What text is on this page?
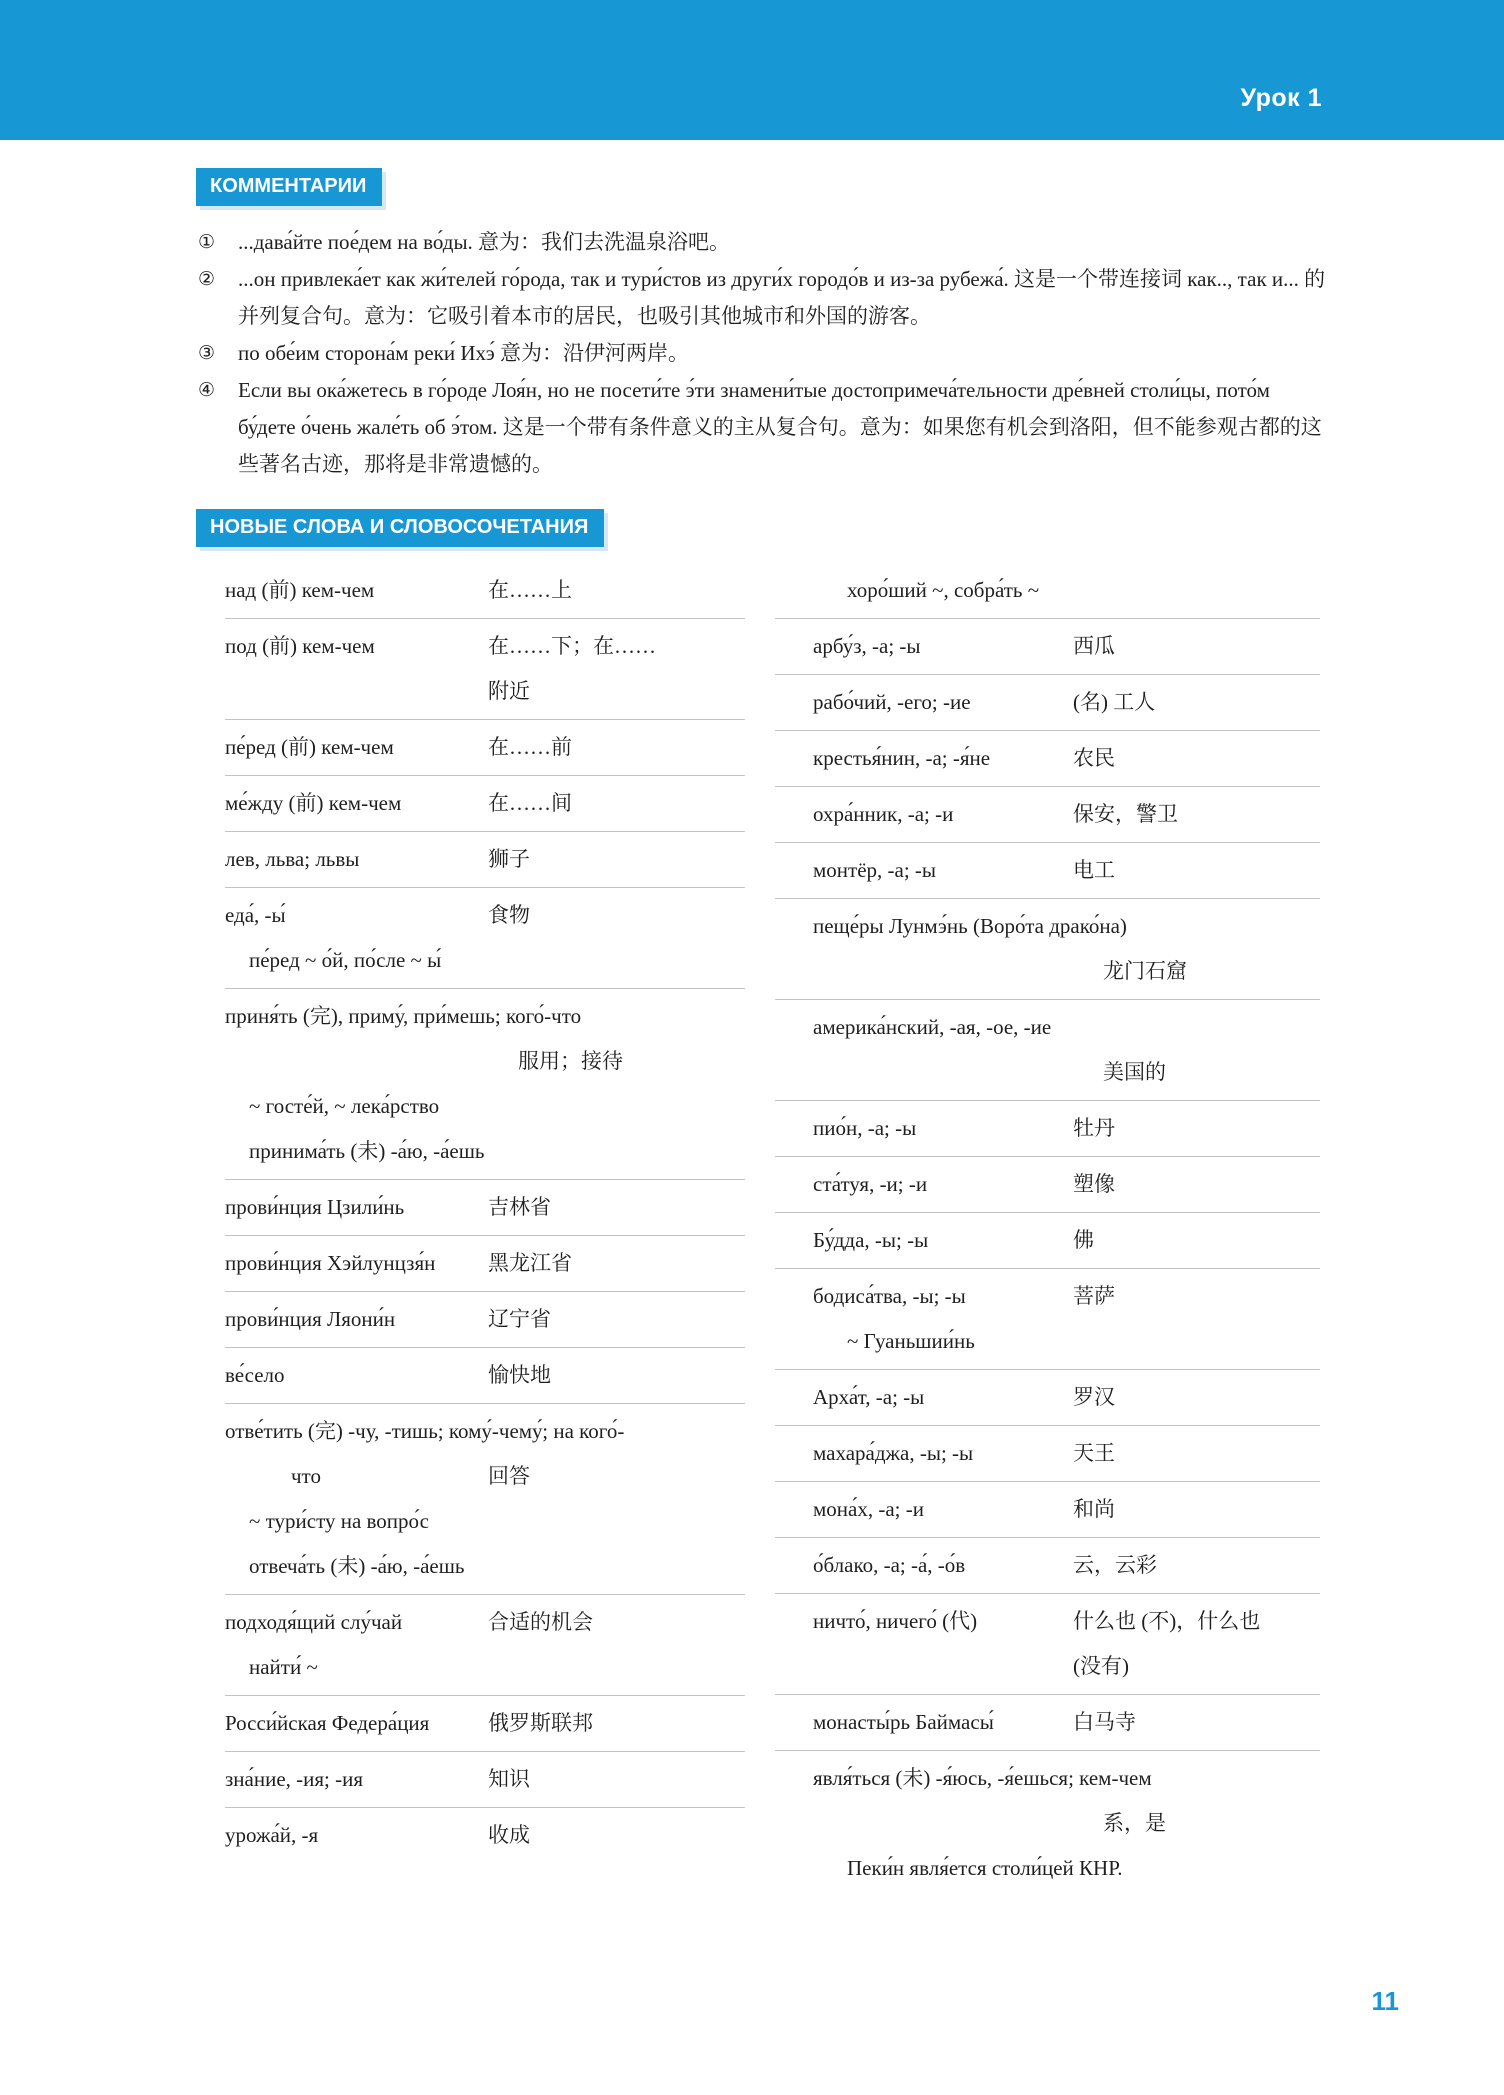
Урок 1
КОММЕНТАРИИ
①	...дава́йте пое́дем на во́ды. 意为：我们去洗温泉浴吧。
②	...он привлека́ет как жи́телей го́рода, так и тури́стов из други́х городо́в и из-за рубежа́. 这是一个带连接词 как.., так и... 的并列复合句。意为：它吸引着本市的居民，也吸引其他城市和外国的游客。
③	по обе́им сторона́м реки́ Ихэ́ 意为：沿伊河两岸。
④	Если вы ока́жетесь в го́роде Лоя́н, но не посети́те э́ти знамени́тые достопримеча́тельности дре́вней столи́цы, пото́м бу́дете о́чень жале́ть об э́том. 这是一个带有条件意义的主从复合句。意为：如果您有机会到洛阳，但不能参观古都的这些著名古迹，那将是非常遗憾的。
НОВЫЕ СЛОВА И СЛОВОСОЧЕТАНИЯ
над (前) кем-чем	在……上
под (前) кем-чем	在……下；在……
附近
пе́ред (前) кем-чем	在……前
ме́жду (前) кем-чем	在……间
лев, льва; львы	狮子
еда́, -ы́	食物
пе́ред ~ о́й, по́сле ~ ы́
приня́ть (完), приму́, при́мешь; кого́-что
服用；接待
~ госте́й, ~ лека́рство
принима́ть (未) -а́ю, -а́ешь
прови́нция Цзили́нь	吉林省
прови́нция Хэйлунцзя́н	黑龙江省
прови́нция Ляони́н	辽宁省
ве́село	愉快地
отве́тить (完) -чу, -тишь; кому́-чему́; на кого́-
что	回答
~ тури́сту на вопро́с
отвеча́ть (未) -а́ю, -а́ешь
подходя́щий слу́чай	合适的机会
найти́ ~
Росси́йская Федера́ция	俄罗斯联邦
зна́ние, -ия; -ия	知识
урожа́й, -я	收成
хоро́ший ~, собра́ть ~
арбу́з, -а; -ы	西瓜
рабо́чий, -его; -ие	(名) 工人
крестья́нин, -а; -я́не	农民
охра́нник, -а; -и	保安，警卫
монтёр, -а; -ы	电工
пеще́ры Лунмэ́нь (Воро́та драко́на)
龙门石窟
америка́нский, -ая, -ое, -ие
美国的
пио́н, -а; -ы	牡丹
ста́туя, -и; -и	塑像
Бу́дда, -ы; -ы	佛
бодиса́тва, -ы; -ы	菩萨
~ Гуаньшии́нь
Арха́т, -а; -ы	罗汉
махара́джа, -ы; -ы	天王
мона́х, -а; -и	和尚
о́блако, -а; -а́, -о́в	云，云彩
ничто́, ничего́ (代)	什么也 (不)，什么也
(没有)
монасты́рь Баймасы́	白马寺
явля́ться (未) -я́юсь, -я́ешься; кем-чем
系，是
Пеки́н явля́ется столи́цей КНР.
11
